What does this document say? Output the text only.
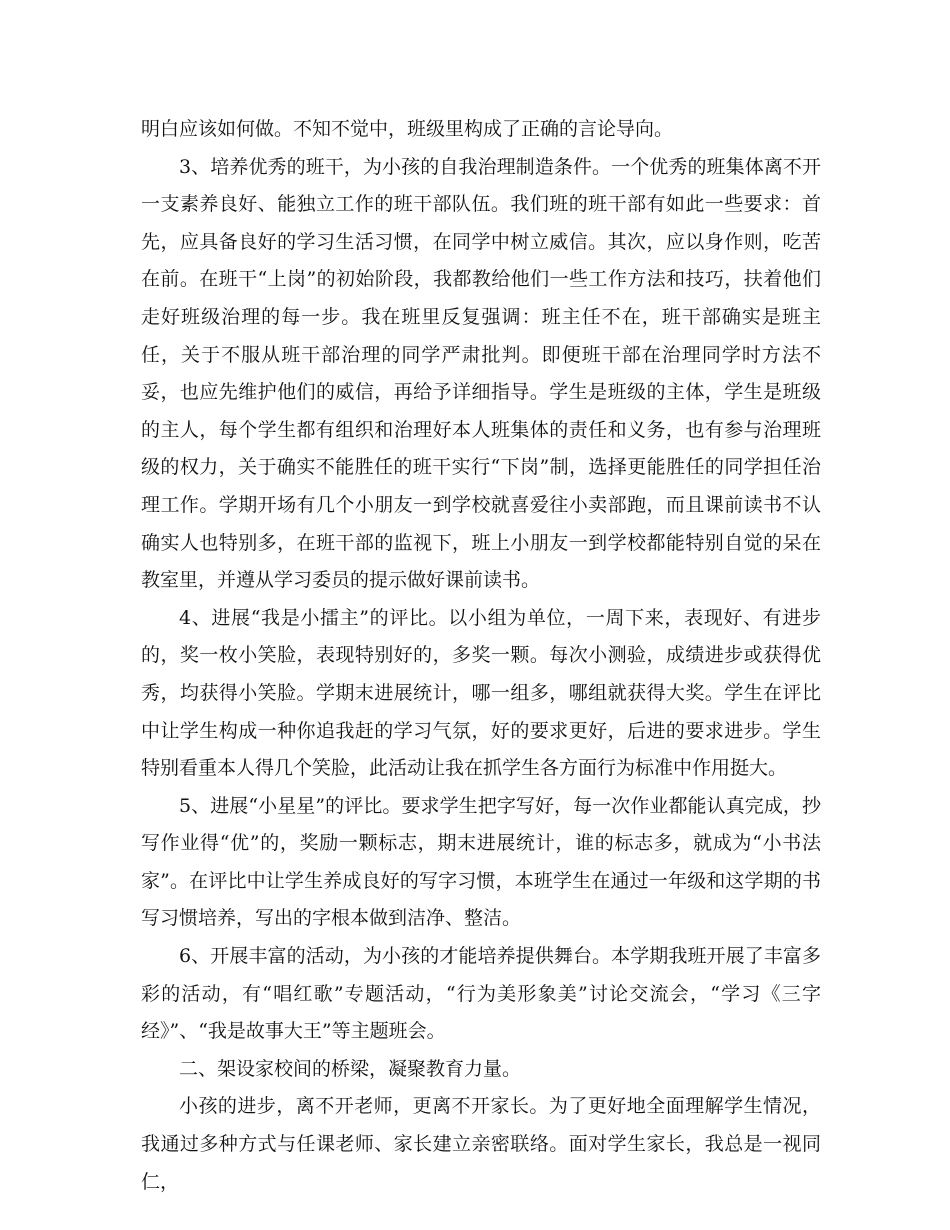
明白应该如何做。不知不觉中，班级里构成了正确的言论导向。

3、培养优秀的班干，为小孩的自我治理制造条件。一个优秀的班集体离不开一支素养良好、能独立工作的班干部队伍。我们班的班干部有如此一些要求：首先，应具备良好的学习生活习惯，在同学中树立威信。其次，应以身作则，吃苦在前。在班干“上岗”的初始阶段，我都教给他们一些工作方法和技巧，扶着他们走好班级治理的每一步。我在班里反复强调：班主任不在，班干部确实是班主任，关于不服从班干部治理的同学严肃批判。即便班干部在治理同学时方法不妥，也应先维护他们的威信，再给予详细指导。学生是班级的主体，学生是班级的主人，每个学生都有组织和治理好本人班集体的责任和义务，也有参与治理班级的权力，关于确实不能胜任的班干实行“下岗”制，选择更能胜任的同学担任治理工作。学期开场有几个小朋友一到学校就喜爱往小卖部跑，而且课前读书不认确实人也特别多，在班干部的监视下，班上小朋友一到学校都能特别自觉的呆在教室里，并遵从学习委员的提示做好课前读书。

4、进展“我是小擂主”的评比。以小组为单位，一周下来，表现好、有进步的，奖一枚小笑脸，表现特别好的，多奖一颗。每次小测验，成绩进步或获得优秀，均获得小笑脸。学期末进展统计，哪一组多，哪组就获得大奖。学生在评比中让学生构成一种你追我赶的学习气氛，好的要求更好，后进的要求进步。学生特别看重本人得几个笑脸，此活动让我在抓学生各方面行为标准中作用挺大。

5、进展“小星星”的评比。要求学生把字写好，每一次作业都能认真完成，抄写作业得“优”的，奖励一颗标志，期末进展统计，谁的标志多，就成为“小书法家”。在评比中让学生养成良好的写字习惯，本班学生在通过一年级和这学期的书写习惯培养，写出的字根本做到洁净、整洁。

6、开展丰富的活动，为小孩的才能培养提供舞台。本学期我班开展了丰富多彩的活动，有“唱红歌”专题活动，“行为美形象美”讨论交流会，“学习《三字经》”、“我是故事大王”等主题班会。

二、架设家校间的桥梁，凝聚教育力量。

小孩的进步，离不开老师，更离不开家长。为了更好地全面理解学生情况，我通过多种方式与任课老师、家长建立亲密联络。面对学生家长，我总是一视同仁，
